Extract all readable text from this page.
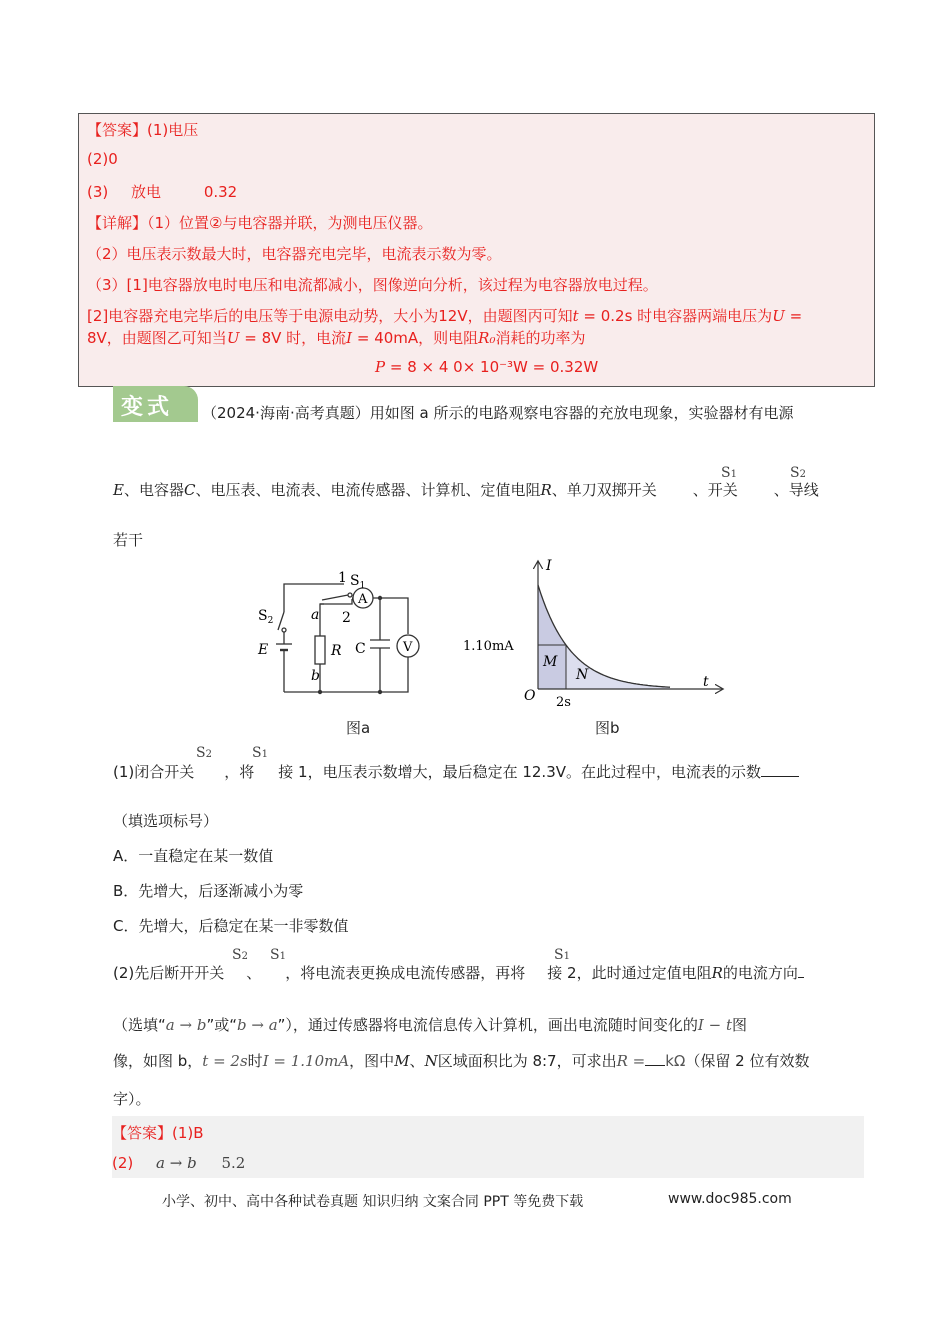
【答案】(1)电压
(2)0
(3) 放电	0.32
【详解】（1）位置②与电容器并联，为测电压仪器。
（2）电压表示数最大时，电容器充电完毕，电流表示数为零。
（3）[1]电容器放电时电压和电流都减小，图像逆向分析，该过程为电容器放电过程。
[2]电容器充电完毕后的电压等于电源电动势，大小为12V，由题图丙可知t = 0.2s 时电容器两端电压为U =
8V，由题图乙可知当U = 8V 时，电流I = 40mA，则电阻R₀消耗的功率为
P = 8 × 4 0× 10⁻³W = 0.32W
变式 （2024·海南·高考真题）用如图 a 所示的电路观察电容器的充放电现象，实验器材有电源
E、电容器C、电压表、电流表、电流传感器、计算机、定值电阻R、单刀双掷开关 、开关 、导线
S1	S2
若干
1 $S_1$
a 2
$S_2$
E	R
b
C
A
V
图a
I
t
O
1.10mA
2s
M
N
图b
(1)闭合开关 ，将 接 1，电压表示数增大，最后稳定在 12.3V。在此过程中，电流表的示数
S2	S1
（填选项标号）
A．一直稳定在某一数值
B．先增大，后逐渐减小为零
C．先增大，后稳定在某一非零数值
(2)先后断开开关 、 ，将电流表更换成电流传感器，再将 接 2，此时通过定值电阻R的电流方向
S2 S1	S1
（选填“a → b”或“b → a”），通过传感器将电流信息传入计算机，画出电流随时间变化的I − t图
像，如图 b，t = 2s时I = 1.10mA，图中M、N区域面积比为 8:7，可求出R = kΩ（保留 2 位有效数
字）。
【答案】(1)B
(2) a → b 5.2
小学、初中、高中各种试卷真题 知识归纳 文案合同 PPT 等免费下载	www.doc985.com
